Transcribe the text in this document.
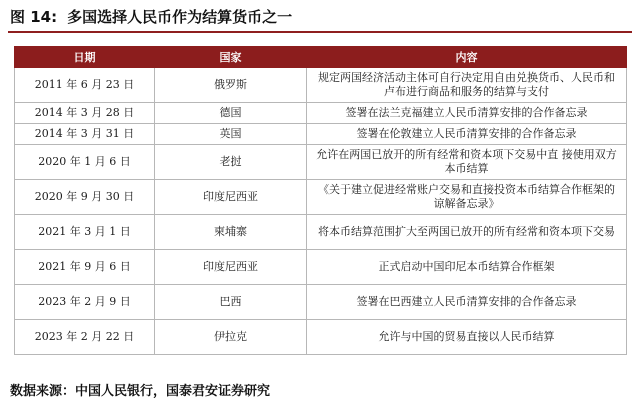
图 14: 多国选择人民币作为结算货币之一
日期	国家	内容
2011 年 6 月 23 日	俄罗斯	规定两国经济活动主体可自行决定用自由兑换货币、人民币和卢布进行商品和服务的结算与支付
2014 年 3 月 28 日	德国	签署在法兰克福建立人民币清算安排的合作备忘录
2014 年 3 月 31 日	英国	签署在伦敦建立人民币清算安排的合作备忘录
2020 年 1 月 6 日	老挝	允许在两国已放开的所有经常和资本项下交易中直 接使用双方本币结算
2020 年 9 月 30 日	印度尼西亚	《关于建立促进经常账户交易和直接投资本币结算合作框架的谅解备忘录》
2021 年 3 月 1 日	柬埔寨	将本币结算范围扩大至两国已放开的所有经常和资本项下交易
2021 年 9 月 6 日	印度尼西亚	正式启动中国印尼本币结算合作框架
2023 年 2 月 9 日	巴西	签署在巴西建立人民币清算安排的合作备忘录
2023 年 2 月 22 日	伊拉克	允许与中国的贸易直接以人民币结算
数据来源：中国人民银行，国泰君安证券研究
